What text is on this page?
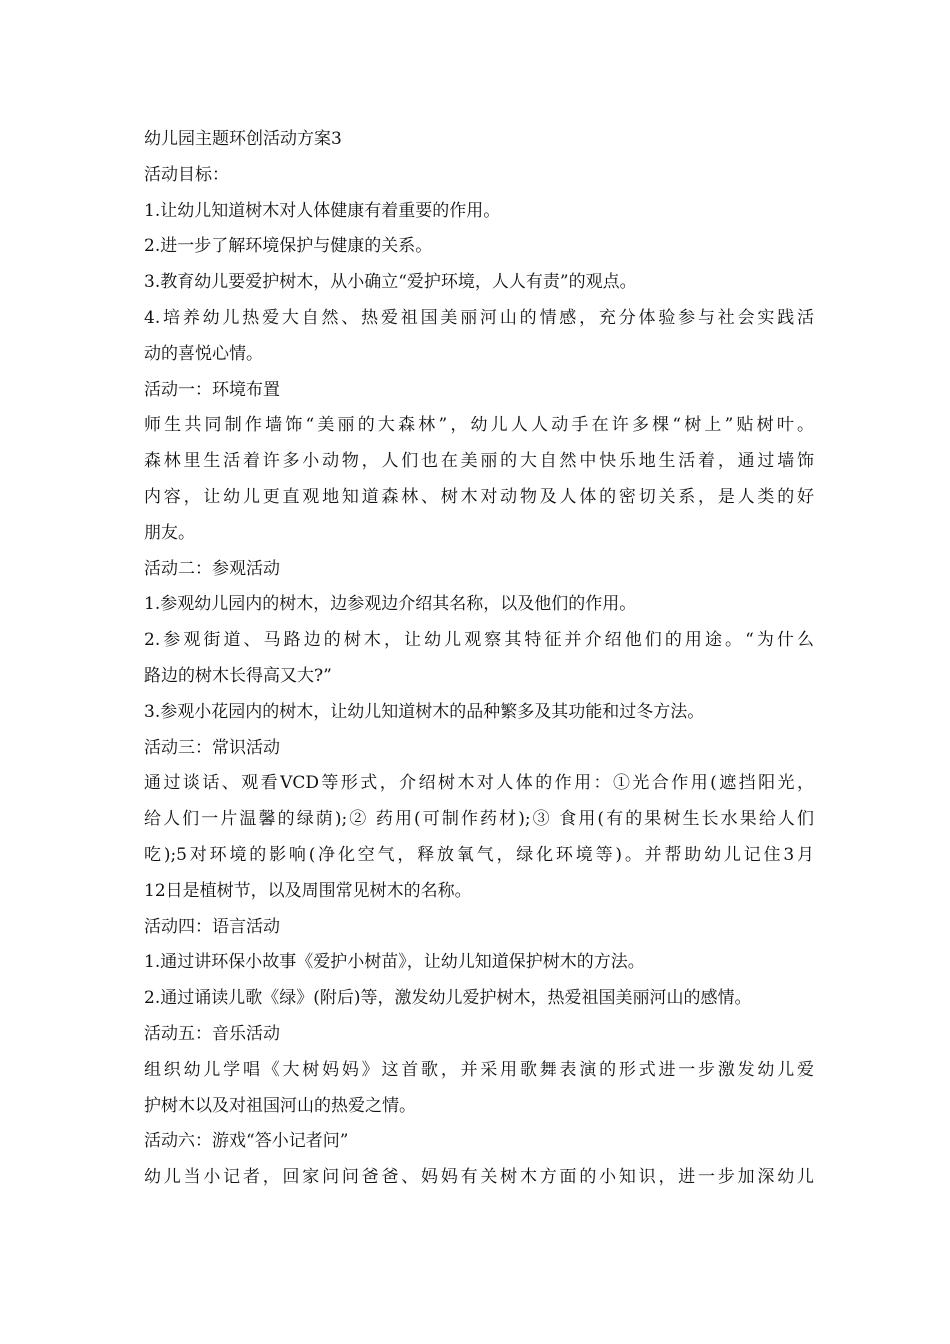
幼儿园主题环创活动方案3
活动目标：
1.让幼儿知道树木对人体健康有着重要的作用。
2.进一步了解环境保护与健康的关系。
3.教育幼儿要爱护树木，从小确立“爱护环境，人人有责”的观点。
4.培养幼儿热爱大自然、热爱祖国美丽河山的情感，充分体验参与社会实践活
动的喜悦心情。
活动一：环境布置
师生共同制作墙饰“美丽的大森林”，幼儿人人动手在许多棵“树上”贴树叶。
森林里生活着许多小动物，人们也在美丽的大自然中快乐地生活着，通过墙饰
内容，让幼儿更直观地知道森林、树木对动物及人体的密切关系，是人类的好
朋友。
活动二：参观活动
1.参观幼儿园内的树木，边参观边介绍其名称，以及他们的作用。
2.参观街道、马路边的树木，让幼儿观察其特征并介绍他们的用途。“为什么
路边的树木长得高又大?”
3.参观小花园内的树木，让幼儿知道树木的品种繁多及其功能和过冬方法。
活动三：常识活动
通过谈话、观看VCD等形式，介绍树木对人体的作用：①光合作用(遮挡阳光，
给人们一片温馨的绿荫);② 药用(可制作药材);③ 食用(有的果树生长水果给人们
吃);5对环境的影响(净化空气，释放氧气，绿化环境等)。并帮助幼儿记住3月
12日是植树节，以及周围常见树木的名称。
活动四：语言活动
1.通过讲环保小故事《爱护小树苗》，让幼儿知道保护树木的方法。
2.通过诵读儿歌《绿》(附后)等，激发幼儿爱护树木，热爱祖国美丽河山的感情。
活动五：音乐活动
组织幼儿学唱《大树妈妈》这首歌，并采用歌舞表演的形式进一步激发幼儿爱
护树木以及对祖国河山的热爱之情。
活动六：游戏“答小记者问”
幼儿当小记者，回家问问爸爸、妈妈有关树木方面的小知识，进一步加深幼儿
